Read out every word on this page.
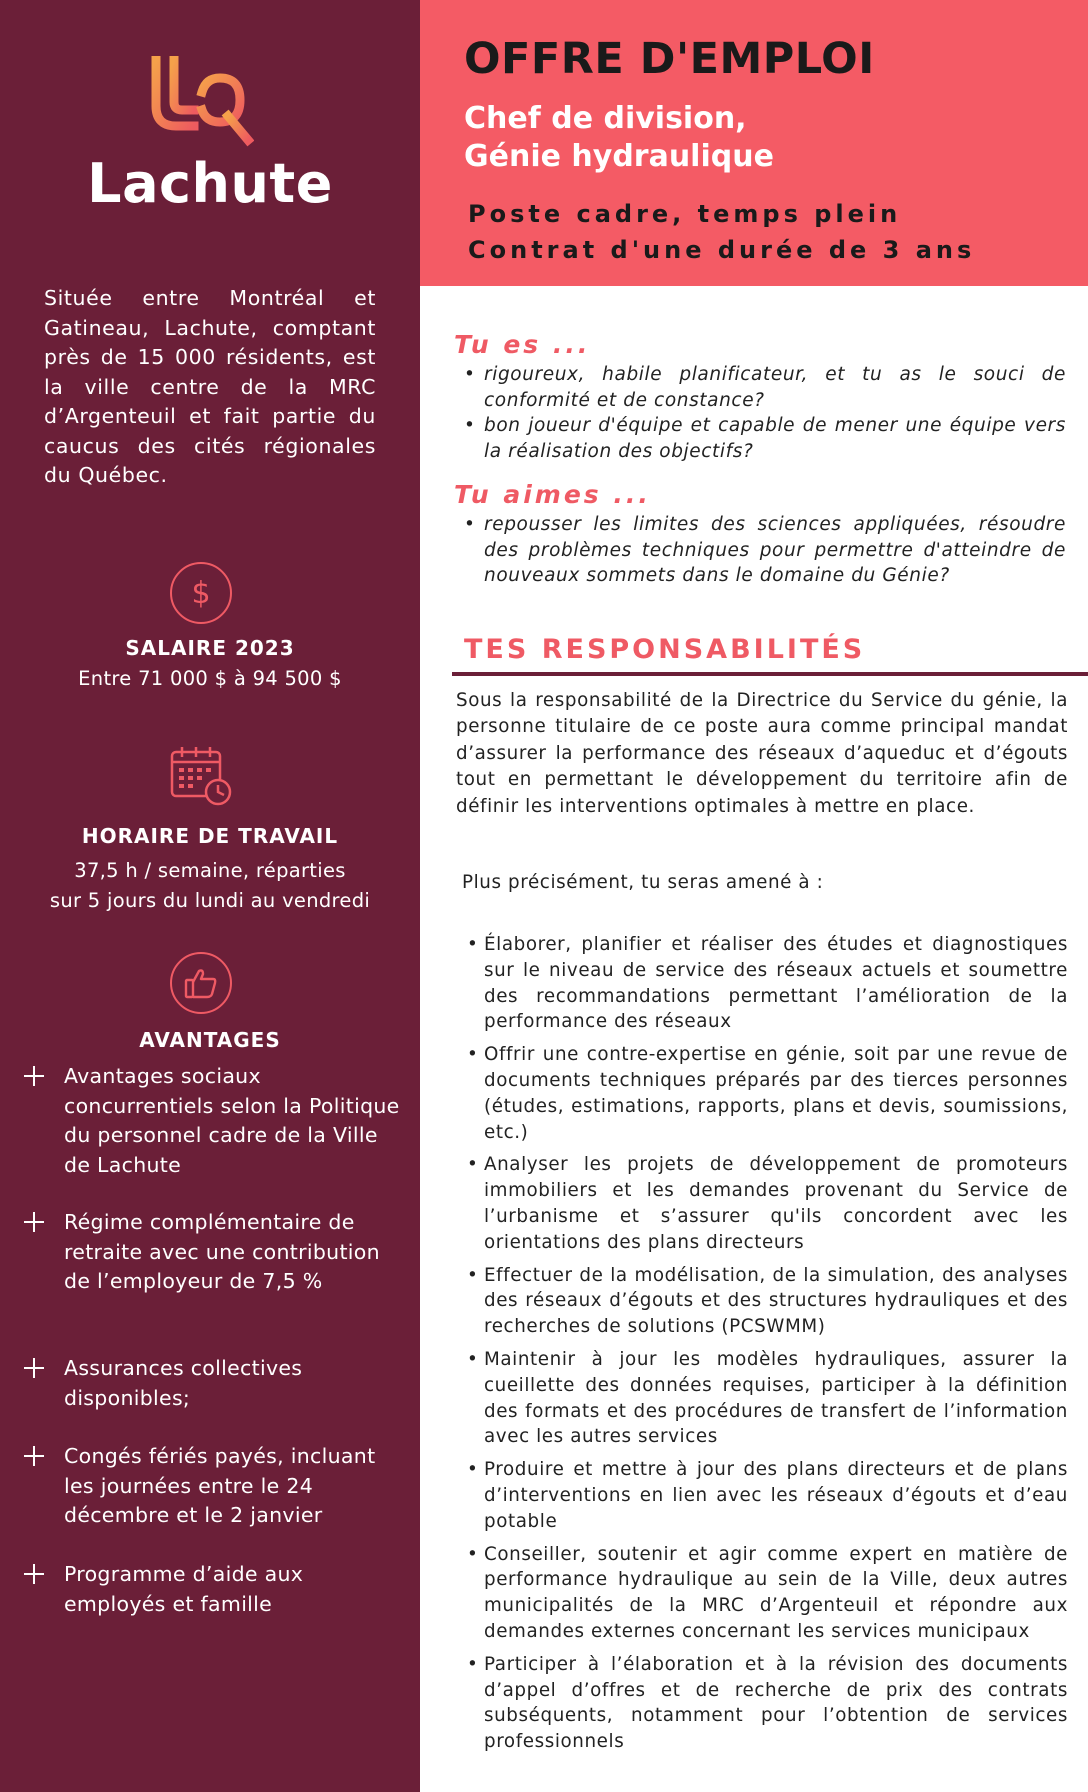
Lachute

Située entre Montréal et Gatineau, Lachute, comptant près de 15 000 résidents, est la ville centre de la MRC d’Argenteuil et fait partie du caucus des cités régionales du Québec.

$
SALAIRE 2023
Entre 71 000 $ à 94 500 $
HORAIRE DE TRAVAIL
37,5 h / semaine, réparties
sur 5 jours du lundi au vendredi
AVANTAGES
Avantages sociaux concurrentiels selon la Politique du personnel cadre de la Ville de Lachute
Régime complémentaire de retraite avec une contribution de l’employeur de 7,5 %
Assurances collectives disponibles;
Congés fériés payés, incluant les journées entre le 24 décembre et le 2 janvier
Programme d’aide aux employés et famille
OFFRE D'EMPLOI
Chef de division,
Génie hydraulique
Poste cadre, temps plein
Contrat d'une durée de 3 ans
Tu es ...
• rigoureux, habile planificateur, et tu as le souci de conformité et de constance?
• bon joueur d'équipe et capable de mener une équipe vers la réalisation des objectifs?
Tu aimes ...
• repousser les limites des sciences appliquées, résoudre des problèmes techniques pour permettre d'atteindre de nouveaux sommets dans le domaine du Génie?
TES RESPONSABILITÉS

Sous la responsabilité de la Directrice du Service du génie, la personne titulaire de ce poste aura comme principal mandat d’assurer la performance des réseaux d’aqueduc et d’égouts tout en permettant le développement du territoire afin de définir les interventions optimales à mettre en place.

Plus précisément, tu seras amené à :

• Élaborer, planifier et réaliser des études et diagnostiques sur le niveau de service des réseaux actuels et soumettre des recommandations permettant l’amélioration de la performance des réseaux
• Offrir une contre-expertise en génie, soit par une revue de documents techniques préparés par des tierces personnes (études, estimations, rapports, plans et devis, soumissions, etc.)
• Analyser les projets de développement de promoteurs immobiliers et les demandes provenant du Service de l’urbanisme et s’assurer qu'ils concordent avec les orientations des plans directeurs
• Effectuer de la modélisation, de la simulation, des analyses des réseaux d’égouts et des structures hydrauliques et des recherches de solutions (PCSWMM)
• Maintenir à jour les modèles hydrauliques, assurer la cueillette des données requises, participer à la définition des formats et des procédures de transfert de l’information avec les autres services
• Produire et mettre à jour des plans directeurs et de plans d’interventions en lien avec les réseaux d’égouts et d’eau potable
• Conseiller, soutenir et agir comme expert en matière de performance hydraulique au sein de la Ville, deux autres municipalités de la MRC d’Argenteuil et répondre aux demandes externes concernant les services municipaux
• Participer à l’élaboration et à la révision des documents d’appel d’offres et de recherche de prix des contrats subséquents, notamment pour l’obtention de services professionnels
